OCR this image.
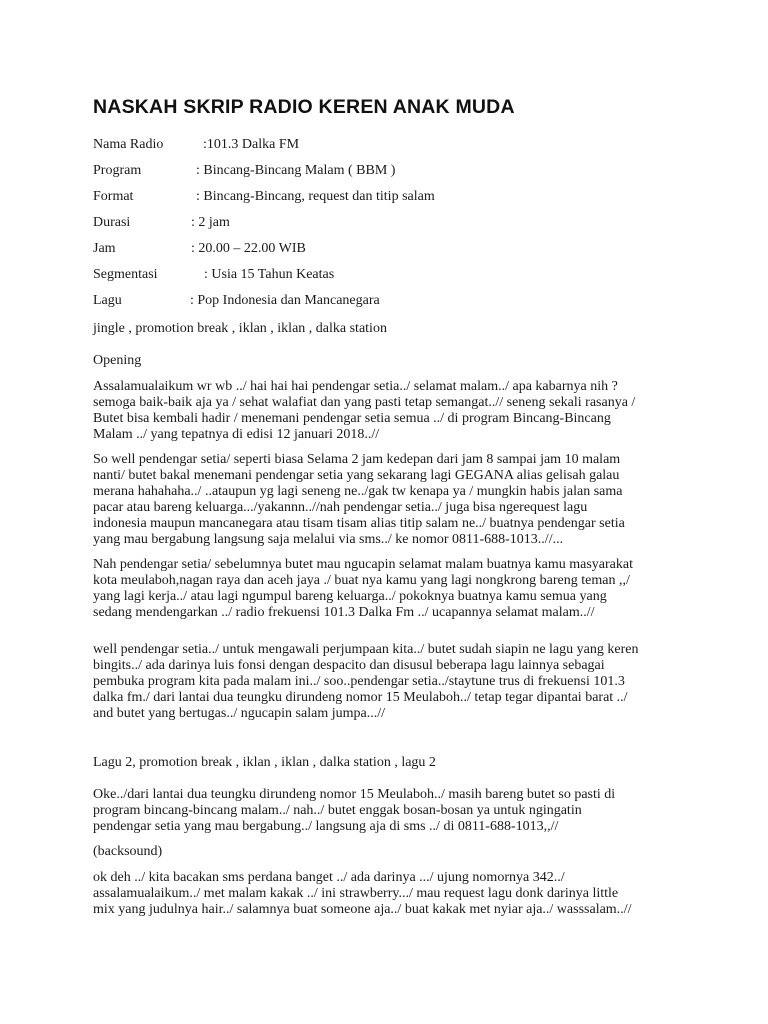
NASKAH SKRIP RADIO KEREN ANAK MUDA
Nama Radio	:101.3 Dalka FM
Program	: Bincang-Bincang Malam ( BBM )
Format	: Bincang-Bincang, request dan titip salam
Durasi	: 2 jam
Jam	: 20.00 – 22.00 WIB
Segmentasi	: Usia 15 Tahun Keatas
Lagu	: Pop Indonesia dan Mancanegara
jingle , promotion break , iklan , iklan , dalka station
Opening
Assalamualaikum wr wb ../ hai hai hai pendengar setia../ selamat malam../ apa kabarnya nih ?
semoga baik-baik aja ya / sehat walafiat dan yang pasti tetap semangat..// seneng sekali rasanya /
Butet bisa kembali hadir / menemani pendengar setia semua ../ di program Bincang-Bincang
Malam ../ yang tepatnya di edisi 12 januari 2018..//
So well pendengar setia/ seperti biasa Selama 2 jam kedepan dari jam 8 sampai jam 10 malam
nanti/ butet bakal menemani pendengar setia yang sekarang lagi GEGANA alias gelisah galau
merana hahahaha../ ..ataupun yg lagi seneng ne../gak tw kenapa ya / mungkin habis jalan sama
pacar atau bareng keluarga.../yakannn..//nah pendengar setia../ juga bisa ngerequest lagu
indonesia maupun mancanegara atau tisam tisam alias titip salam ne../ buatnya pendengar setia
yang mau bergabung langsung saja melalui via sms../ ke nomor 0811-688-1013..//...
Nah pendengar setia/ sebelumnya butet mau ngucapin selamat malam buatnya kamu masyarakat
kota meulaboh,nagan raya dan aceh jaya ./ buat nya kamu yang lagi nongkrong bareng teman ,,/
yang lagi kerja../ atau lagi ngumpul bareng keluarga../ pokoknya buatnya kamu semua yang
sedang mendengarkan ../ radio frekuensi 101.3 Dalka Fm ../ ucapannya selamat malam..//
well pendengar setia../ untuk mengawali perjumpaan kita../ butet sudah siapin ne lagu yang keren
bingits../ ada darinya luis fonsi dengan despacito dan disusul beberapa lagu lainnya sebagai
pembuka program kita pada malam ini../ soo..pendengar setia../staytune trus di frekuensi 101.3
dalka fm./ dari lantai dua teungku dirundeng nomor 15 Meulaboh../ tetap tegar dipantai barat ../
and butet yang bertugas../ ngucapin salam jumpa...//
Lagu 2, promotion break , iklan , iklan , dalka station , lagu 2
Oke../dari lantai dua teungku dirundeng nomor 15 Meulaboh../ masih bareng butet so pasti di
program bincang-bincang malam../ nah../ butet enggak bosan-bosan ya untuk ngingatin
pendengar setia yang mau bergabung../ langsung aja di sms ../ di 0811-688-1013,,//
(backsound)
ok deh ../ kita bacakan sms perdana banget ../ ada darinya .../ ujung nomornya 342../
assalamualaikum../ met malam kakak ../ ini strawberry.../ mau request lagu donk darinya little
mix yang judulnya hair../ salamnya buat someone aja../ buat kakak met nyiar aja../ wasssalam..//
